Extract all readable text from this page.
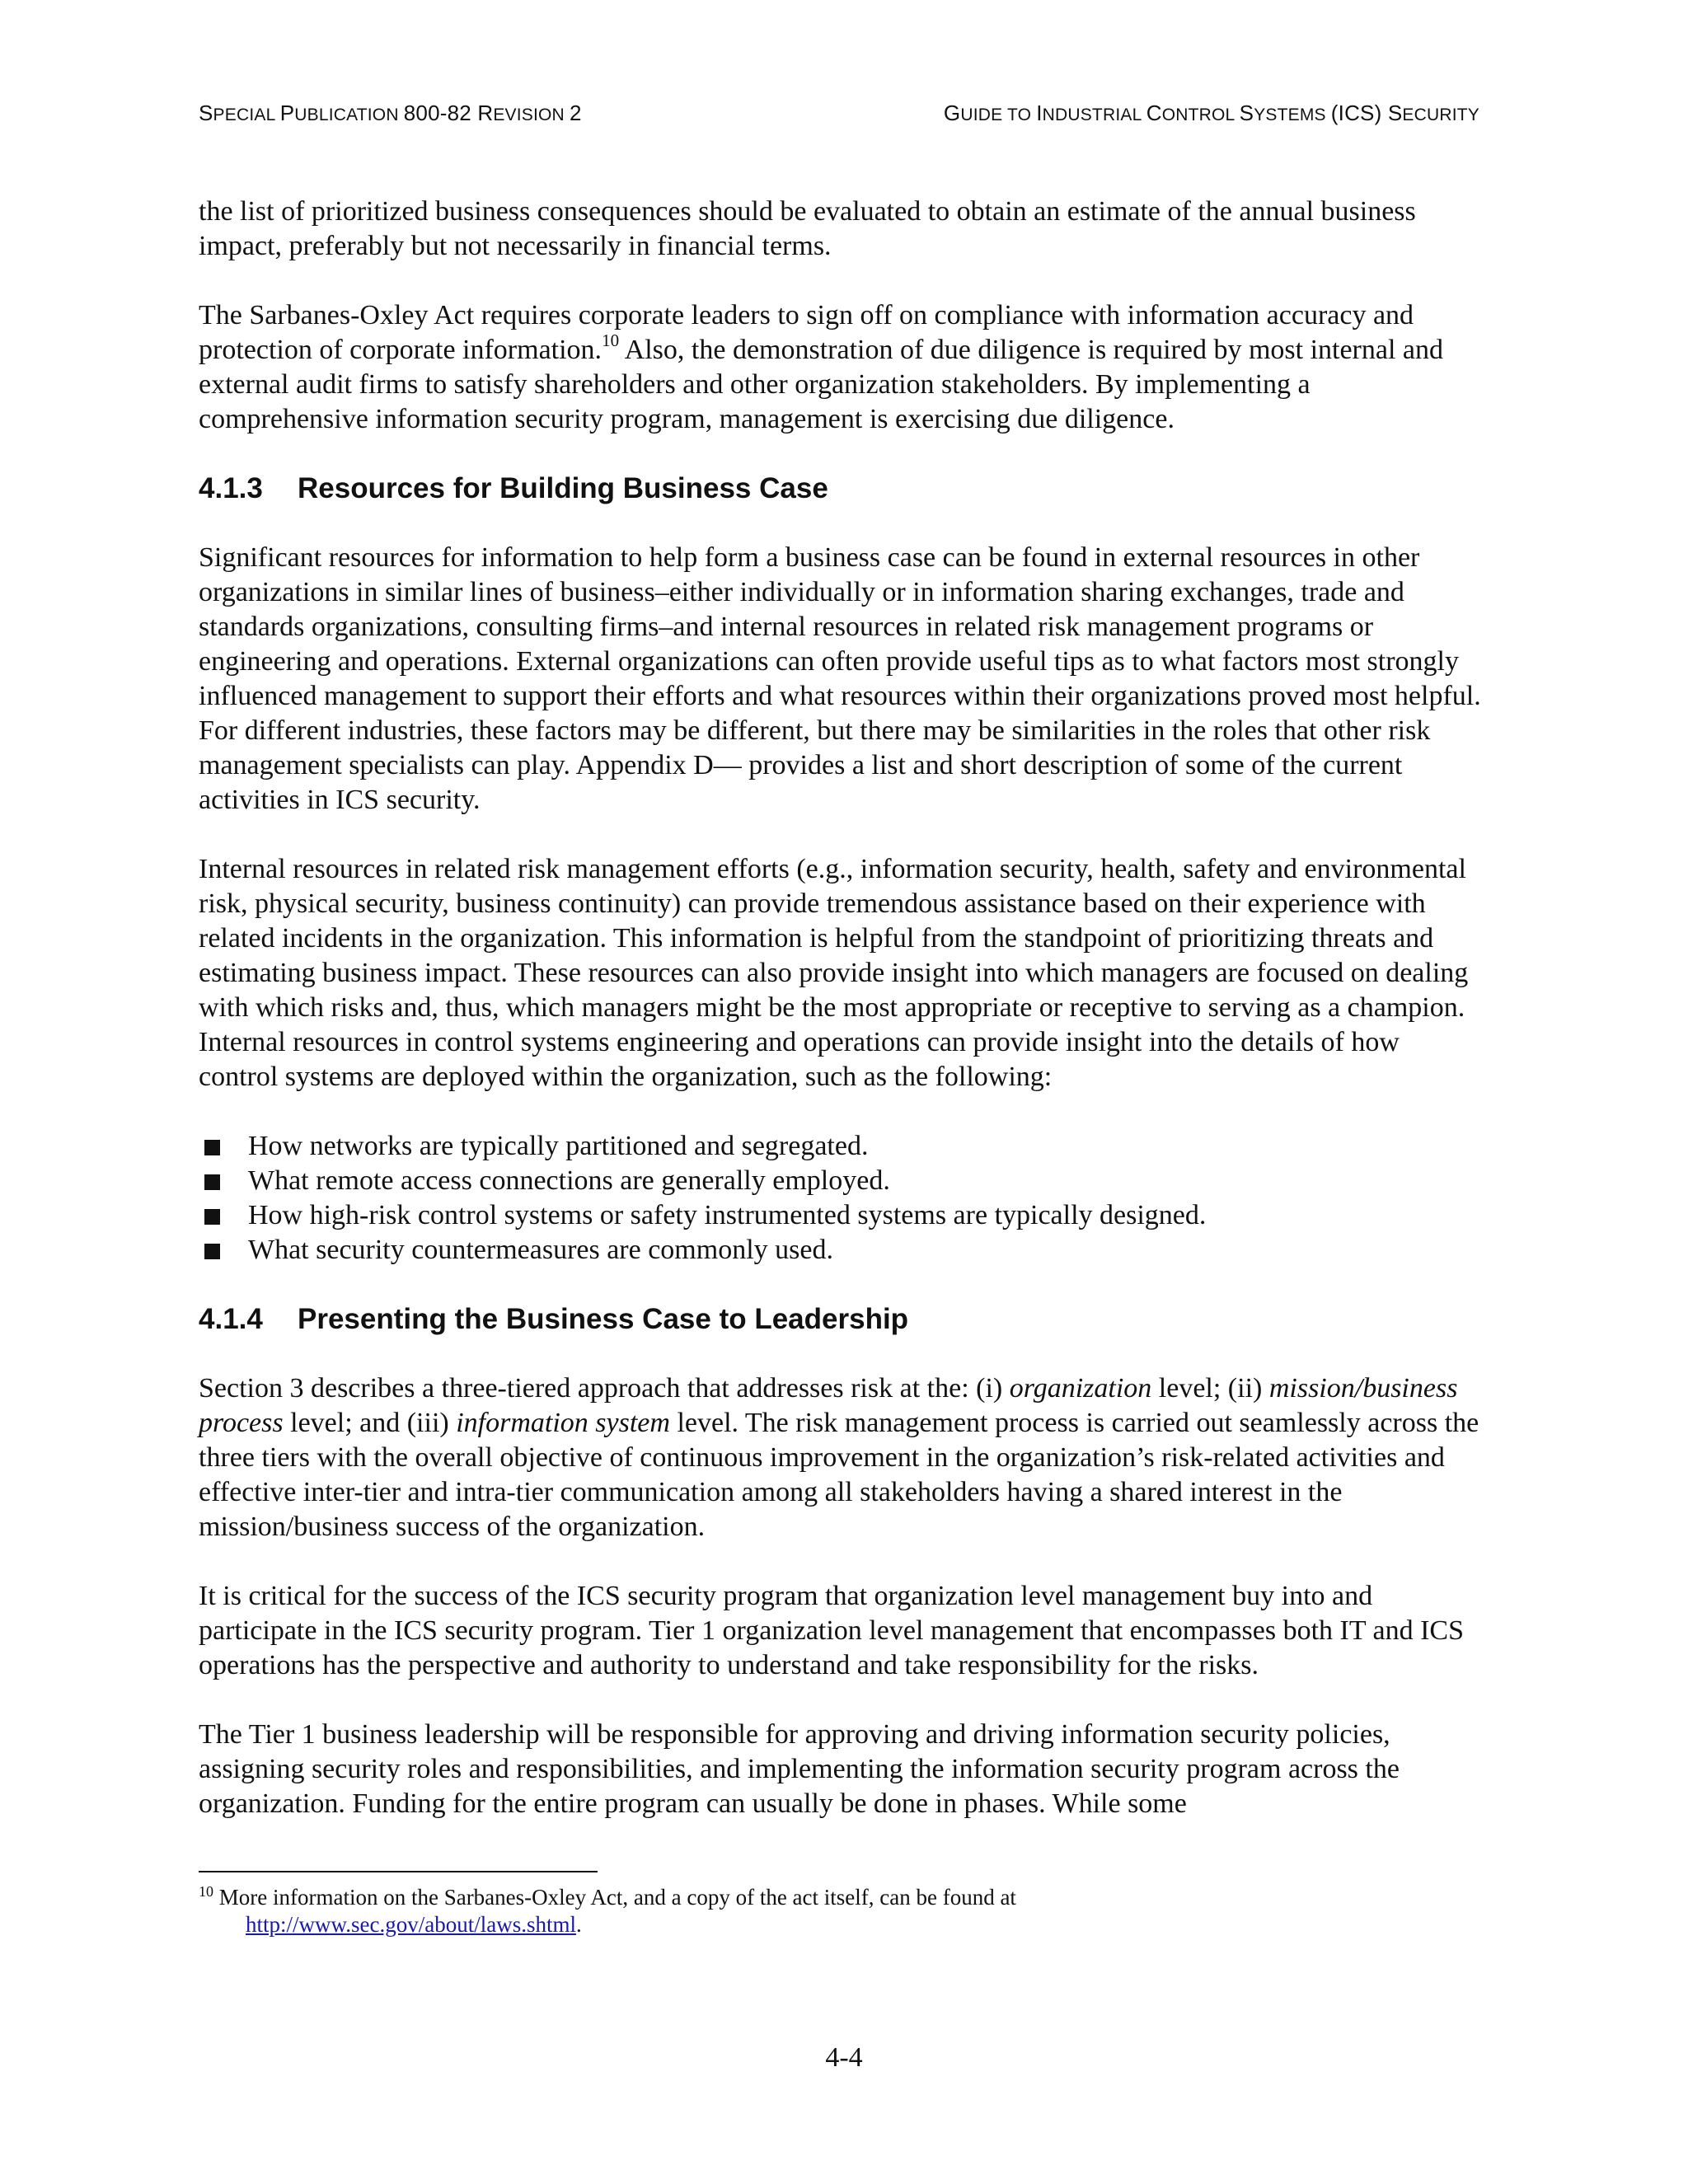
SPECIAL PUBLICATION 800-82 REVISION 2	GUIDE TO INDUSTRIAL CONTROL SYSTEMS (ICS) SECURITY

the list of prioritized business consequences should be evaluated to obtain an estimate of the annual business impact, preferably but not necessarily in financial terms.

The Sarbanes-Oxley Act requires corporate leaders to sign off on compliance with information accuracy and protection of corporate information.$^{10}$ Also, the demonstration of due diligence is required by most internal and external audit firms to satisfy shareholders and other organization stakeholders. By implementing a comprehensive information security program, management is exercising due diligence.

4.1.3 Resources for Building Business Case

Significant resources for information to help form a business case can be found in external resources in other organizations in similar lines of business–either individually or in information sharing exchanges, trade and standards organizations, consulting firms–and internal resources in related risk management programs or engineering and operations. External organizations can often provide useful tips as to what factors most strongly influenced management to support their efforts and what resources within their organizations proved most helpful. For different industries, these factors may be different, but there may be similarities in the roles that other risk management specialists can play. Appendix D— provides a list and short description of some of the current activities in ICS security.

Internal resources in related risk management efforts (e.g., information security, health, safety and environmental risk, physical security, business continuity) can provide tremendous assistance based on their experience with related incidents in the organization. This information is helpful from the standpoint of prioritizing threats and estimating business impact. These resources can also provide insight into which managers are focused on dealing with which risks and, thus, which managers might be the most appropriate or receptive to serving as a champion. Internal resources in control systems engineering and operations can provide insight into the details of how control systems are deployed within the organization, such as the following:

How networks are typically partitioned and segregated.
What remote access connections are generally employed.
How high-risk control systems or safety instrumented systems are typically designed.
What security countermeasures are commonly used.
4.1.4 Presenting the Business Case to Leadership

Section 3 describes a three-tiered approach that addresses risk at the: (i) organization level; (ii) mission/business process level; and (iii) information system level. The risk management process is carried out seamlessly across the three tiers with the overall objective of continuous improvement in the organization’s risk-related activities and effective inter-tier and intra-tier communication among all stakeholders having a shared interest in the mission/business success of the organization.

It is critical for the success of the ICS security program that organization level management buy into and participate in the ICS security program. Tier 1 organization level management that encompasses both IT and ICS operations has the perspective and authority to understand and take responsibility for the risks.

The Tier 1 business leadership will be responsible for approving and driving information security policies, assigning security roles and responsibilities, and implementing the information security program across the organization. Funding for the entire program can usually be done in phases. While some

$^{10}$ More information on the Sarbanes-Oxley Act, and a copy of the act itself, can be found at
http://www.sec.gov/about/laws.shtml.
4-4
